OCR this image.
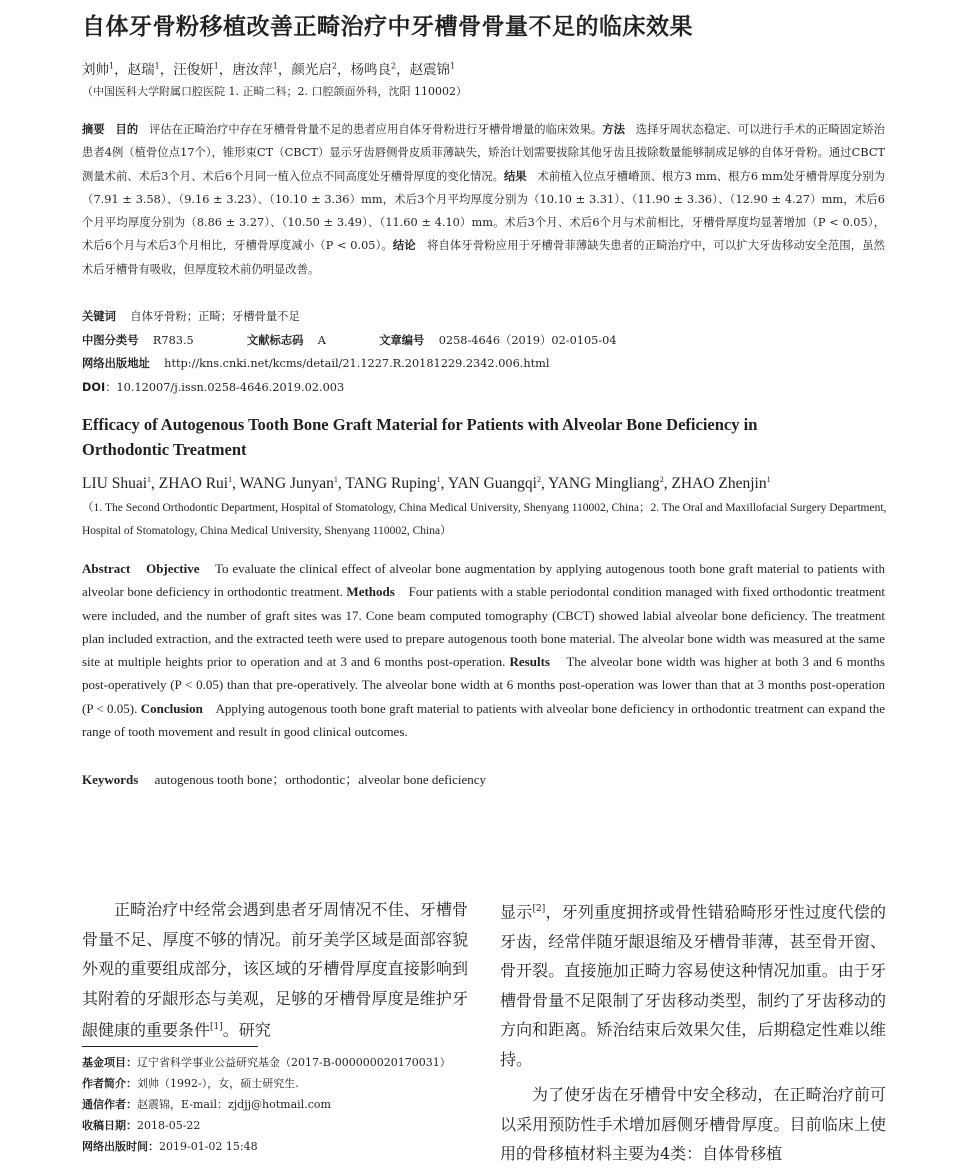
自体牙骨粉移植改善正畸治疗中牙槽骨骨量不足的临床效果
刘帅$^1$，赵瑞$^1$，汪俊妍$^1$，唐汝萍$^1$，颜光启$^2$，杨鸣良$^2$，赵震锦$^1$
（中国医科大学附属口腔医院 1. 正畸二科；2. 口腔颌面外科，沈阳 110002）
摘要 目的 评估在正畸治疗中存在牙槽骨骨量不足的患者应用自体牙骨粉进行牙槽骨增量的临床效果。方法 选择牙周状态稳定、可以进行手术的正畸固定矫治患者4例（植骨位点17个），锥形束CT（CBCT）显示牙齿唇侧骨皮质菲薄缺失，矫治计划需要拔除其他牙齿且拔除数量能够制成足够的自体牙骨粉。通过CBCT测量术前、术后3个月、术后6个月同一植入位点不同高度处牙槽骨厚度的变化情况。结果 术前植入位点牙槽嵴顶、根方3 mm、根方6 mm处牙槽骨厚度分别为（7.91 ± 3.58）、（9.16 ± 3.23）、（10.10 ± 3.36）mm，术后3个月平均厚度分别为（10.10 ± 3.31）、（11.90 ± 3.36）、（12.90 ± 4.27）mm，术后6个月平均厚度分别为（8.86 ± 3.27）、（10.50 ± 3.49）、（11.60 ± 4.10）mm。术后3个月、术后6个月与术前相比，牙槽骨厚度均显著增加（P < 0.05），术后6个月与术后3个月相比，牙槽骨厚度减小（P < 0.05）。结论 将自体牙骨粉应用于牙槽骨菲薄缺失患者的正畸治疗中，可以扩大牙齿移动安全范围，虽然术后牙槽骨有吸收，但厚度较术前仍明显改善。
关键词 自体牙骨粉；正畸；牙槽骨量不足
中图分类号 R783.5	文献标志码 A	文章编号 0258-4646（2019）02-0105-04
网络出版地址 http://kns.cnki.net/kcms/detail/21.1227.R.20181229.2342.006.html
DOI：10.12007/j.issn.0258-4646.2019.02.003
Efficacy of Autogenous Tooth Bone Graft Material for Patients with Alveolar Bone Deficiency in Orthodontic Treatment
LIU Shuai$^1$, ZHAO Rui$^1$, WANG Junyan$^1$, TANG Ruping$^1$, YAN Guangqi$^2$, YANG Mingliang$^2$, ZHAO Zhenjin$^1$
（1. The Second Orthodontic Department, Hospital of Stomatology, China Medical University, Shenyang 110002, China；2. The Oral and Maxillofacial Surgery Department, Hospital of Stomatology, China Medical University, Shenyang 110002, China）
Abstract Objective To evaluate the clinical effect of alveolar bone augmentation by applying autogenous tooth bone graft material to patients with alveolar bone deficiency in orthodontic treatment. Methods Four patients with a stable periodontal condition managed with fixed orthodontic treatment were included, and the number of graft sites was 17. Cone beam computed tomography (CBCT) showed labial alveolar bone deficiency. The treatment plan included extraction, and the extracted teeth were used to prepare autogenous tooth bone material. The alveolar bone width was measured at the same site at multiple heights prior to operation and at 3 and 6 months post-operation. Results The alveolar bone width was higher at both 3 and 6 months post-operatively (P < 0.05) than that pre-operatively. The alveolar bone width at 6 months post-operation was lower than that at 3 months post-operation (P < 0.05). Conclusion Applying autogenous tooth bone graft material to patients with alveolar bone deficiency in orthodontic treatment can expand the range of tooth movement and result in good clinical outcomes.
Keywords autogenous tooth bone；orthodontic；alveolar bone deficiency
正畸治疗中经常会遇到患者牙周情况不佳、牙槽骨骨量不足、厚度不够的情况。前牙美学区域是面部容貌外观的重要组成部分，该区域的牙槽骨厚度直接影响到其附着的牙龈形态与美观，足够的牙槽骨厚度是维护牙龈健康的重要条件[1]。研究
基金项目：辽宁省科学事业公益研究基金（2017-B-000000020170031）
作者简介：刘帅（1992-），女，硕士研究生.
通信作者：赵震锦，E-mail：zjdjj@hotmail.com
收稿日期：2018-05-22
网络出版时间：2019-01-02 15:48
显示[2]，牙列重度拥挤或骨性错𬌗畸形牙性过度代偿的牙齿，经常伴随牙龈退缩及牙槽骨菲薄，甚至骨开窗、骨开裂。直接施加正畸力容易使这种情况加重。由于牙槽骨骨量不足限制了牙齿移动类型，制约了牙齿移动的方向和距离。矫治结束后效果欠佳，后期稳定性难以维持。
为了使牙齿在牙槽骨中安全移动，在正畸治疗前可以采用预防性手术增加唇侧牙槽骨厚度。目前临床上使用的骨移植材料主要为4类：自体骨移植
